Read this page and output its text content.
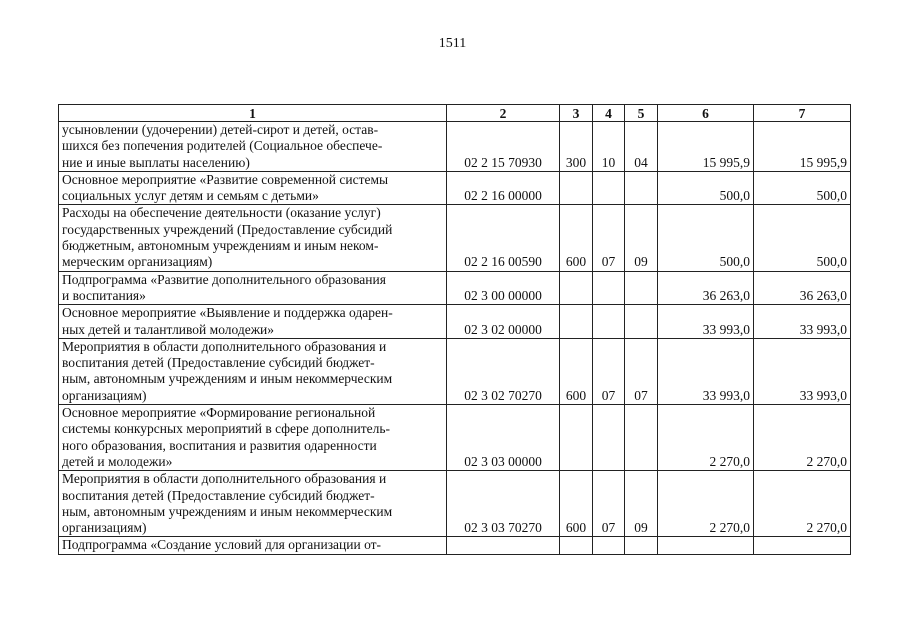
1511
1	2	3	4	5	6	7
усыновлении (удочерении) детей-сирот и детей, остав-
шихся без попечения родителей (Социальное обеспече-
ние и иные выплаты населению)	02 2 15 70930	300	10	04	15 995,9	15 995,9
Основное мероприятие «Развитие современной системы
социальных услуг детям и семьям с детьми»	02 2 16 00000				500,0	500,0
Расходы на обеспечение деятельности (оказание услуг)
государственных учреждений (Предоставление субсидий
бюджетным, автономным учреждениям и иным неком-
мерческим организациям)	02 2 16 00590	600	07	09	500,0	500,0
Подпрограмма «Развитие дополнительного образования
и воспитания»	02 3 00 00000				36 263,0	36 263,0
Основное мероприятие «Выявление и поддержка одарен-
ных детей и талантливой молодежи»	02 3 02 00000				33 993,0	33 993,0
Мероприятия в области дополнительного образования и
воспитания детей (Предоставление субсидий бюджет-
ным, автономным учреждениям и иным некоммерческим
организациям)	02 3 02 70270	600	07	07	33 993,0	33 993,0
Основное мероприятие «Формирование региональной
системы конкурсных мероприятий в сфере дополнитель-
ного образования, воспитания и развития одаренности
детей и молодежи»	02 3 03 00000				2 270,0	2 270,0
Мероприятия в области дополнительного образования и
воспитания детей (Предоставление субсидий бюджет-
ным, автономным учреждениям и иным некоммерческим
организациям)	02 3 03 70270	600	07	09	2 270,0	2 270,0
Подпрограмма «Создание условий для организации от-						
